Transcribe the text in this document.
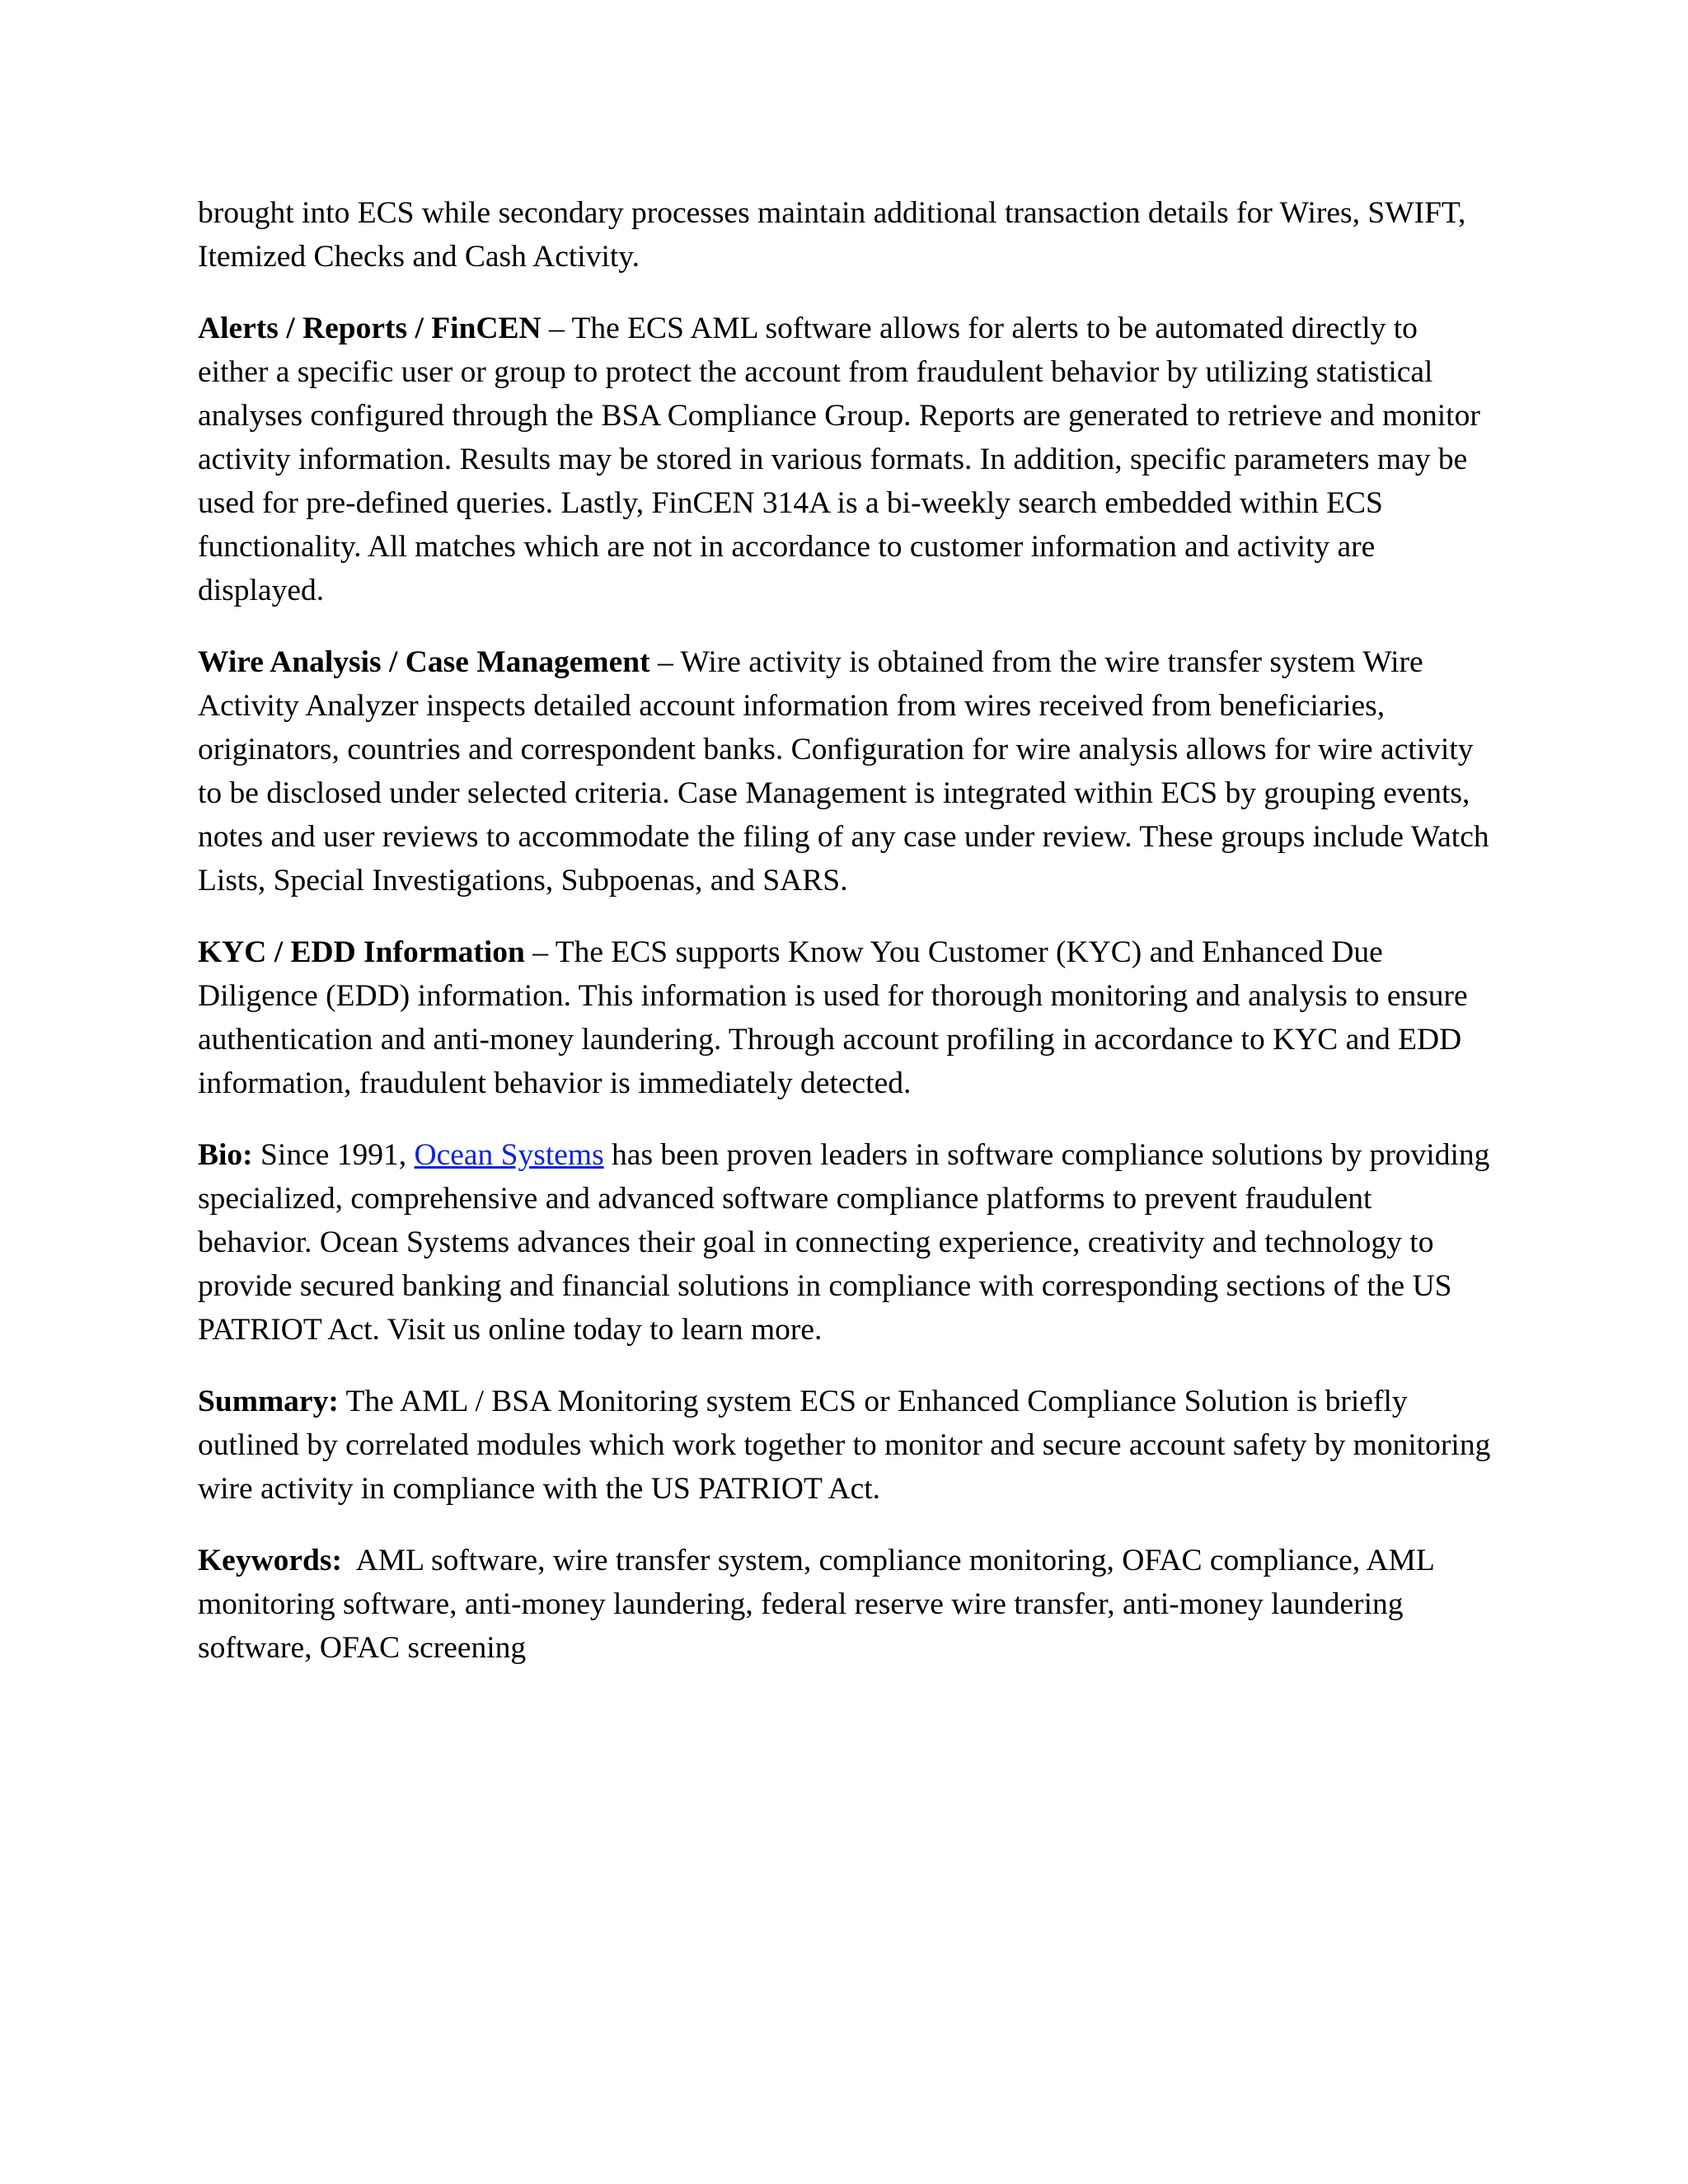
brought into ECS while secondary processes maintain additional transaction details for Wires, SWIFT, Itemized Checks and Cash Activity.

Alerts / Reports / FinCEN – The ECS AML software allows for alerts to be automated directly to either a specific user or group to protect the account from fraudulent behavior by utilizing statistical analyses configured through the BSA Compliance Group. Reports are generated to retrieve and monitor activity information. Results may be stored in various formats. In addition, specific parameters may be used for pre-defined queries. Lastly, FinCEN 314A is a bi-weekly search embedded within ECS functionality. All matches which are not in accordance to customer information and activity are displayed.

Wire Analysis / Case Management – Wire activity is obtained from the wire transfer system Wire Activity Analyzer inspects detailed account information from wires received from beneficiaries, originators, countries and correspondent banks. Configuration for wire analysis allows for wire activity to be disclosed under selected criteria. Case Management is integrated within ECS by grouping events, notes and user reviews to accommodate the filing of any case under review. These groups include Watch Lists, Special Investigations, Subpoenas, and SARS.

KYC / EDD Information – The ECS supports Know You Customer (KYC) and Enhanced Due Diligence (EDD) information. This information is used for thorough monitoring and analysis to ensure authentication and anti-money laundering. Through account profiling in accordance to KYC and EDD information, fraudulent behavior is immediately detected.

Bio: Since 1991, Ocean Systems has been proven leaders in software compliance solutions by providing specialized, comprehensive and advanced software compliance platforms to prevent fraudulent behavior. Ocean Systems advances their goal in connecting experience, creativity and technology to provide secured banking and financial solutions in compliance with corresponding sections of the US PATRIOT Act. Visit us online today to learn more.

Summary: The AML / BSA Monitoring system ECS or Enhanced Compliance Solution is briefly outlined by correlated modules which work together to monitor and secure account safety by monitoring wire activity in compliance with the US PATRIOT Act.

Keywords:  AML software, wire transfer system, compliance monitoring, OFAC compliance, AML monitoring software, anti-money laundering, federal reserve wire transfer, anti-money laundering software, OFAC screening
